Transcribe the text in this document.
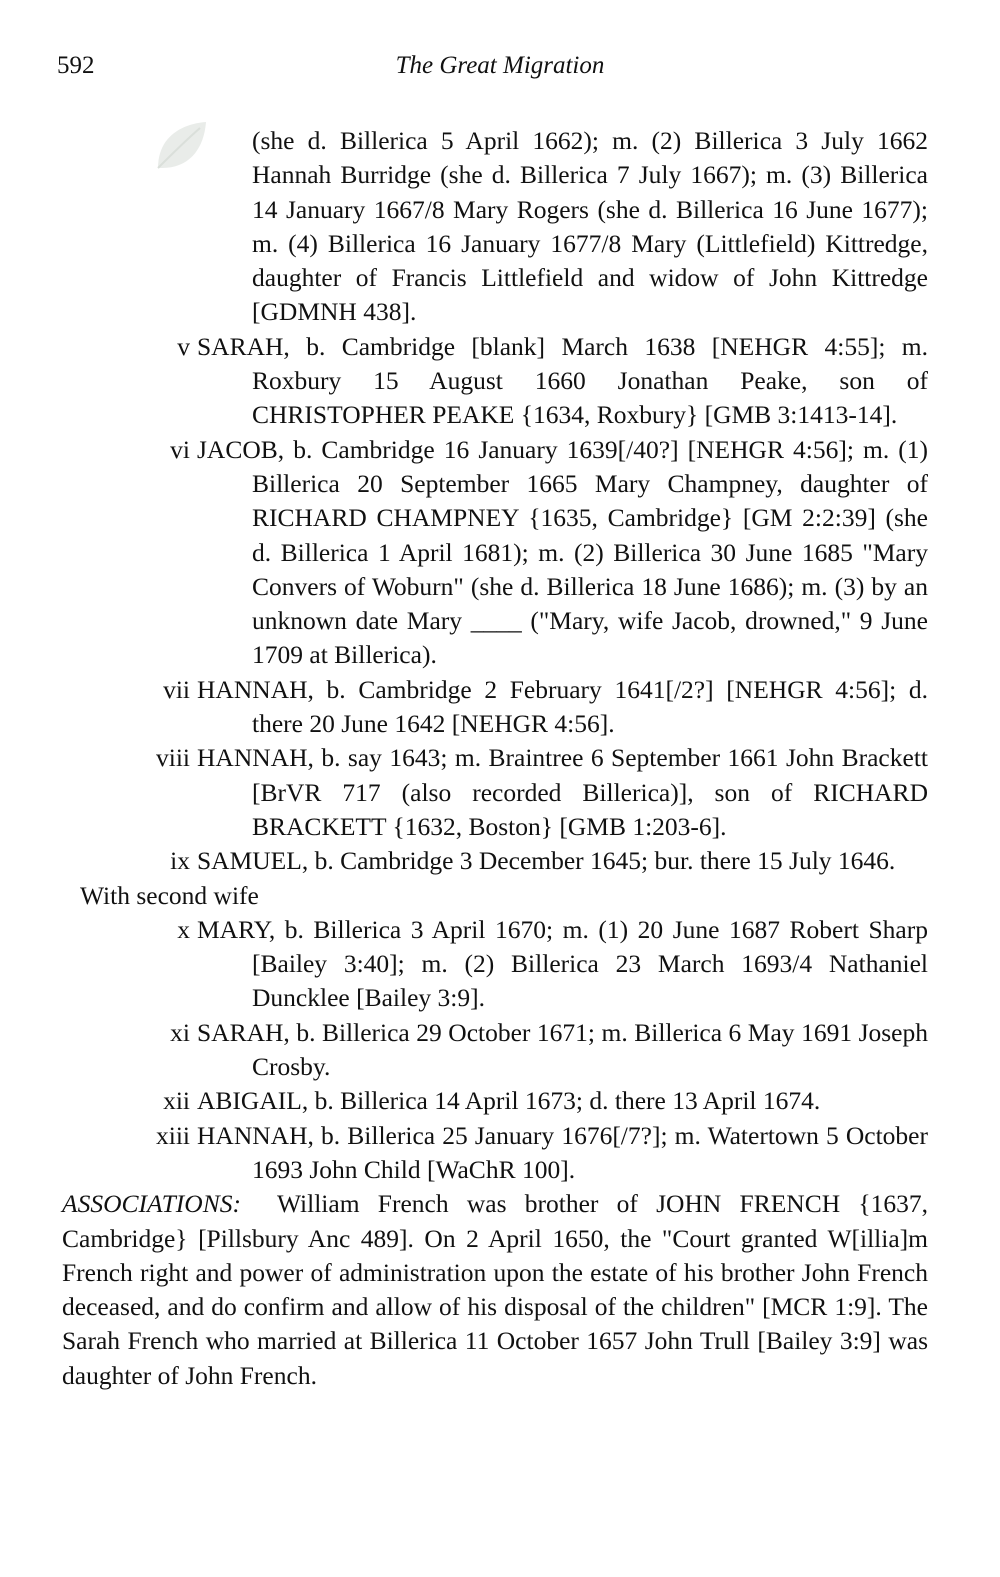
592	The Great Migration
(she d. Billerica 5 April 1662); m. (2) Billerica 3 July 1662 Hannah Burridge (she d. Billerica 7 July 1667); m. (3) Billerica 14 January 1667/8 Mary Rogers (she d. Billerica 16 June 1677); m. (4) Billerica 16 January 1677/8 Mary (Littlefield) Kittredge, daughter of Francis Littlefield and widow of John Kittredge [GDMNH 438].
v SARAH, b. Cambridge [blank] March 1638 [NEHGR 4:55]; m. Roxbury 15 August 1660 Jonathan Peake, son of CHRISTOPHER PEAKE {1634, Roxbury} [GMB 3:1413-14].
vi JACOB, b. Cambridge 16 January 1639[/40?] [NEHGR 4:56]; m. (1) Billerica 20 September 1665 Mary Champney, daughter of RICHARD CHAMPNEY {1635, Cambridge} [GM 2:2:39] (she d. Billerica 1 April 1681); m. (2) Billerica 30 June 1685 "Mary Convers of Woburn" (she d. Billerica 18 June 1686); m. (3) by an unknown date Mary ____ ("Mary, wife Jacob, drowned," 9 June 1709 at Billerica).
vii HANNAH, b. Cambridge 2 February 1641[/2?] [NEHGR 4:56]; d. there 20 June 1642 [NEHGR 4:56].
viii HANNAH, b. say 1643; m. Braintree 6 September 1661 John Brackett [BrVR 717 (also recorded Billerica)], son of RICHARD BRACKETT {1632, Boston} [GMB 1:203-6].
ix SAMUEL, b. Cambridge 3 December 1645; bur. there 15 July 1646.
With second wife
x MARY, b. Billerica 3 April 1670; m. (1) 20 June 1687 Robert Sharp [Bailey 3:40]; m. (2) Billerica 23 March 1693/4 Nathaniel Duncklee [Bailey 3:9].
xi SARAH, b. Billerica 29 October 1671; m. Billerica 6 May 1691 Joseph Crosby.
xii ABIGAIL, b. Billerica 14 April 1673; d. there 13 April 1674.
xiii HANNAH, b. Billerica 25 January 1676[/7?]; m. Watertown 5 October 1693 John Child [WaChR 100].
ASSOCIATIONS: William French was brother of JOHN FRENCH {1637, Cambridge} [Pillsbury Anc 489]. On 2 April 1650, the "Court granted W[illia]m French right and power of administration upon the estate of his brother John French deceased, and do confirm and allow of his disposal of the children" [MCR 1:9]. The Sarah French who married at Billerica 11 October 1657 John Trull [Bailey 3:9] was daughter of John French.
